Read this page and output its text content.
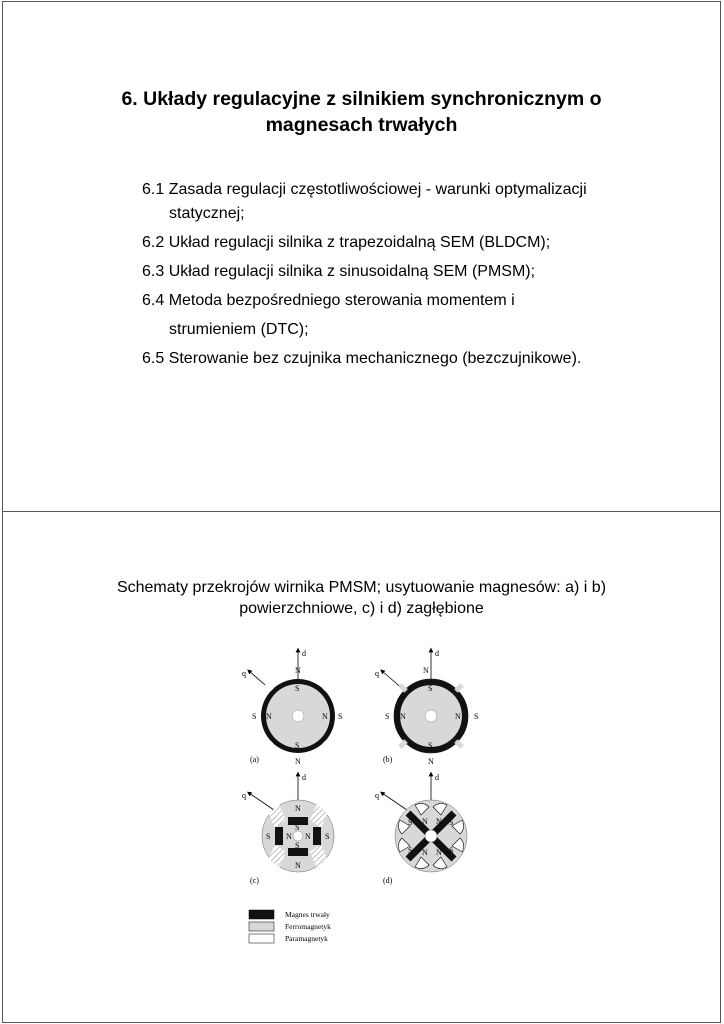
6. Układy regulacyjne z silnikiem synchronicznym o
magnesach trwałych
6.1 Zasada regulacji częstotliwościowej - warunki optymalizacji
statycznej;
6.2 Układ regulacji silnika z trapezoidalną SEM (BLDCM);
6.3 Układ regulacji silnika z sinusoidalną SEM (PMSM);
6.4 Metoda bezpośredniego sterowania momentem i
strumieniem (DTC);
6.5 Sterowanie bez czujnika mechanicznego (bezczujnikowe).
Schematy przekrojów wirnika PMSM; usytuowanie magnesów: a) i b)
powierzchniowe, c) i d) zagłębione
d
q	N
S
S
N
S N	N S
(a)
d
q	N
S
S
N
S N	N S
(b)
d
q
N
S
S
N
S N N S
(c)
d
q
N N
N N
S	S
S	S
(d)
Magnes trwały
Ferromagnetyk
Paramagnetyk
